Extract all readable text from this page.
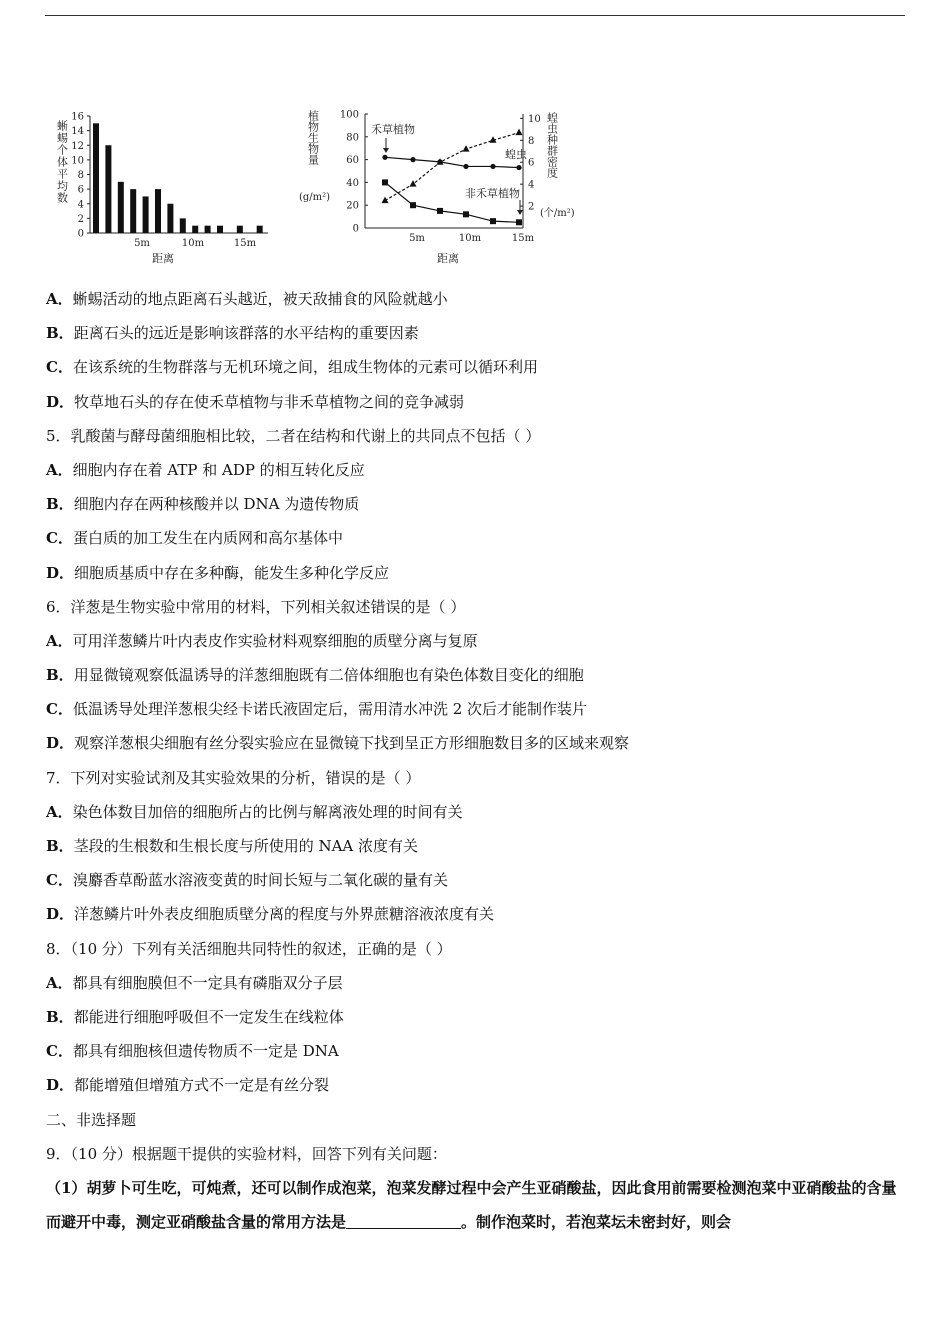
蜥蜴个体平均数
距离
0
2
4
6
8
10
12
14
16
5m	10m	15m
植物生物量
(g/m²)
蝗虫种群密度
(个/m²)
距离
0
20
40
60
80
100
2
4
6
8
10
5m	10m	15m
禾草植物
蝗虫
非禾草植物
A．蜥蜴活动的地点距离石头越近，被天敌捕食的风险就越小
B．距离石头的远近是影响该群落的水平结构的重要因素
C．在该系统的生物群落与无机环境之间，组成生物体的元素可以循环利用
D．牧草地石头的存在使禾草植物与非禾草植物之间的竞争减弱
5．乳酸菌与酵母菌细胞相比较，二者在结构和代谢上的共同点不包括（ ）
A．细胞内存在着 ATP 和 ADP 的相互转化反应
B．细胞内存在两种核酸并以 DNA 为遗传物质
C．蛋白质的加工发生在内质网和高尔基体中
D．细胞质基质中存在多种酶，能发生多种化学反应
6．洋葱是生物实验中常用的材料，下列相关叙述错误的是（ ）
A．可用洋葱鳞片叶内表皮作实验材料观察细胞的质壁分离与复原
B．用显微镜观察低温诱导的洋葱细胞既有二倍体细胞也有染色体数目变化的细胞
C．低温诱导处理洋葱根尖经卡诺氏液固定后，需用清水冲洗 2 次后才能制作装片
D．观察洋葱根尖细胞有丝分裂实验应在显微镜下找到呈正方形细胞数目多的区域来观察
7．下列对实验试剂及其实验效果的分析，错误的是（ ）
A．染色体数目加倍的细胞所占的比例与解离液处理的时间有关
B．茎段的生根数和生根长度与所使用的 NAA 浓度有关
C．溴麝香草酚蓝水溶液变黄的时间长短与二氧化碳的量有关
D．洋葱鳞片叶外表皮细胞质壁分离的程度与外界蔗糖溶液浓度有关
8．（10 分）下列有关活细胞共同特性的叙述，正确的是（ ）
A．都具有细胞膜但不一定具有磷脂双分子层
B．都能进行细胞呼吸但不一定发生在线粒体
C．都具有细胞核但遗传物质不一定是 DNA
D．都能增殖但增殖方式不一定是有丝分裂
二、非选择题
9．（10 分）根据题干提供的实验材料，回答下列有关问题：
（1）胡萝卜可生吃，可炖煮，还可以制作成泡菜，泡菜发酵过程中会产生亚硝酸盐，因此食用前需要检测泡菜中亚硝酸盐的含量而避开中毒，测定亚硝酸盐含量的常用方法是	。制作泡菜时，若泡菜坛未密封好，则会
